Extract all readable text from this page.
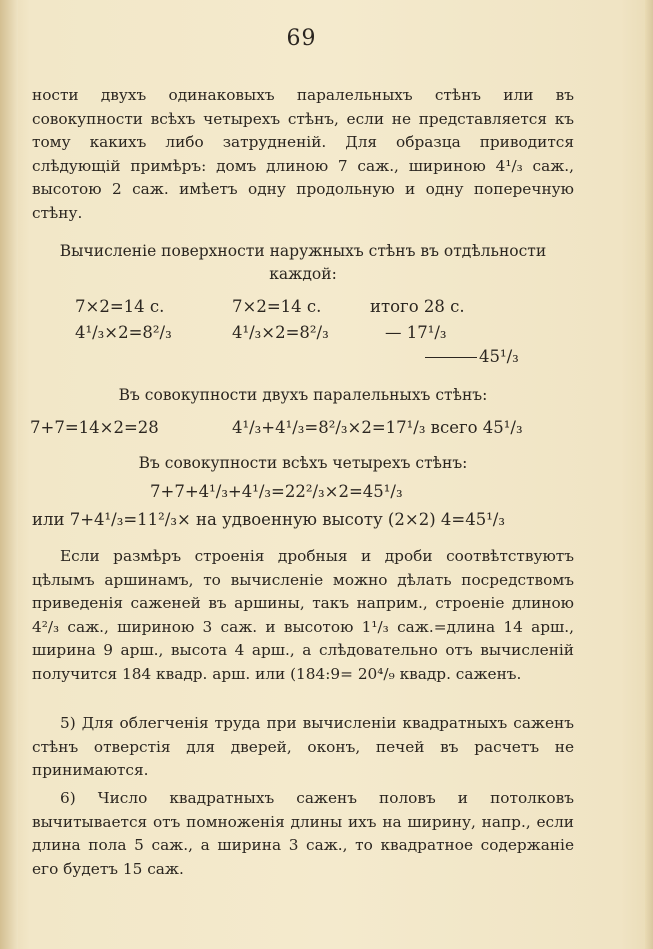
69

ности двухъ одинаковыхъ паралельныхъ стѣнъ или въ совокупности всѣхъ четырехъ стѣнъ, если не представляется къ тому какихъ либо затрудненій. Для образца приводится слѣдующій примѣръ: домъ длиною 7 саж., шириною 4¹/₃ саж., высотою 2 саж. имѣетъ одну продольную и одну поперечную стѣну.

Вычисленіе поверхности наружныхъ стѣнъ въ отдѣльности
каждой:
7×2=14 с.	7×2=14 с.	итого 28 с.
4¹/₃×2=8²/₃	4¹/₃×2=8²/₃	— 17¹/₃
45¹/₃
Въ совокупности двухъ паралельныхъ стѣнъ:
7+7=14×2=28	4¹/₃+4¹/₃=8²/₃×2=17¹/₃ всего 45¹/₃
Въ совокупности всѣхъ четырехъ стѣнъ:
7+7+4¹/₃+4¹/₃=22²/₃×2=45¹/₃
или 7+4¹/₃=11²/₃× на удвоенную высоту (2×2) 4=45¹/₃

Если размѣръ строенія дробныя и дроби соотвѣтствуютъ цѣлымъ аршинамъ, то вычисленіе можно дѣлать посредствомъ приведенія саженей въ аршины, такъ наприм., строеніе длиною 4²/₃ саж., шириною 3 саж. и высотою 1¹/₃ саж.=длина 14 арш., ширина 9 арш., высота 4 арш., а слѣдовательно отъ вычисленій получится 184 квадр. арш. или (184:9= 20⁴/₉ квадр. саженъ.

5) Для облегченія труда при вычисленіи квадратныхъ саженъ стѣнъ отверстія для дверей, оконъ, печей въ расчетъ не принимаются.

6) Число квадратныхъ саженъ половъ и потолковъ вычитывается отъ помноженія длины ихъ на ширину, напр., если длина пола 5 саж., а ширина 3 саж., то квадратное содержаніе его будетъ 15 саж.
